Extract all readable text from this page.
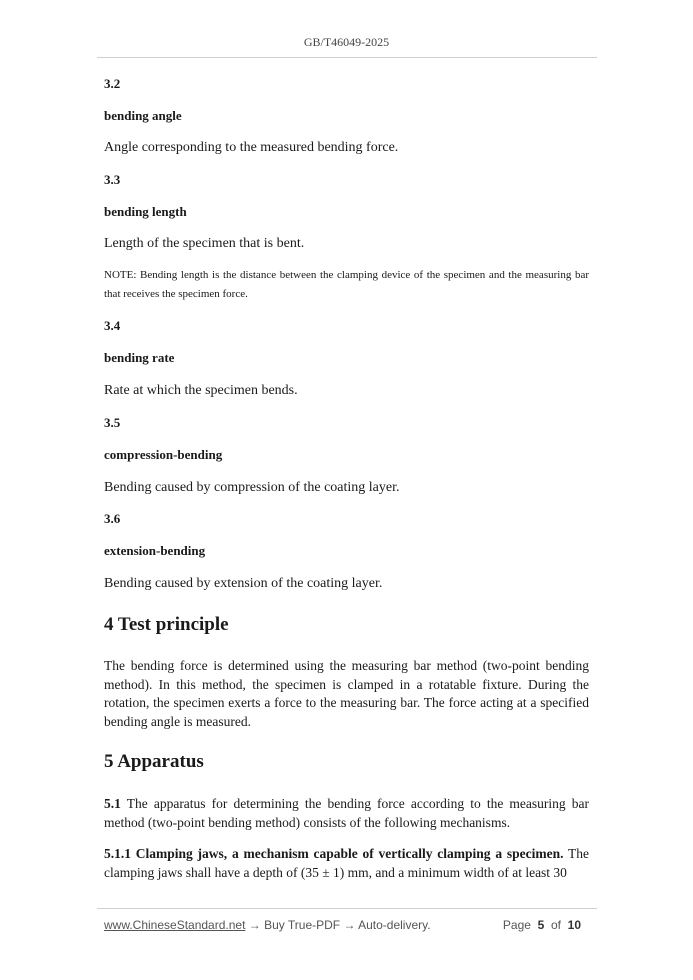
GB/T46049-2025
3.2
bending angle
Angle corresponding to the measured bending force.
3.3
bending length
Length of the specimen that is bent.
NOTE: Bending length is the distance between the clamping device of the specimen and the measuring bar that receives the specimen force.
3.4
bending rate
Rate at which the specimen bends.
3.5
compression-bending
Bending caused by compression of the coating layer.
3.6
extension-bending
Bending caused by extension of the coating layer.
4 Test principle
The bending force is determined using the measuring bar method (two-point bending method). In this method, the specimen is clamped in a rotatable fixture. During the rotation, the specimen exerts a force to the measuring bar. The force acting at a specified bending angle is measured.
5 Apparatus
5.1 The apparatus for determining the bending force according to the measuring bar method (two-point bending method) consists of the following mechanisms.
5.1.1 Clamping jaws, a mechanism capable of vertically clamping a specimen. The clamping jaws shall have a depth of (35 ± 1) mm, and a minimum width of at least 30
www.ChineseStandard.net → Buy True-PDF → Auto-delivery.	Page 5 of 10
